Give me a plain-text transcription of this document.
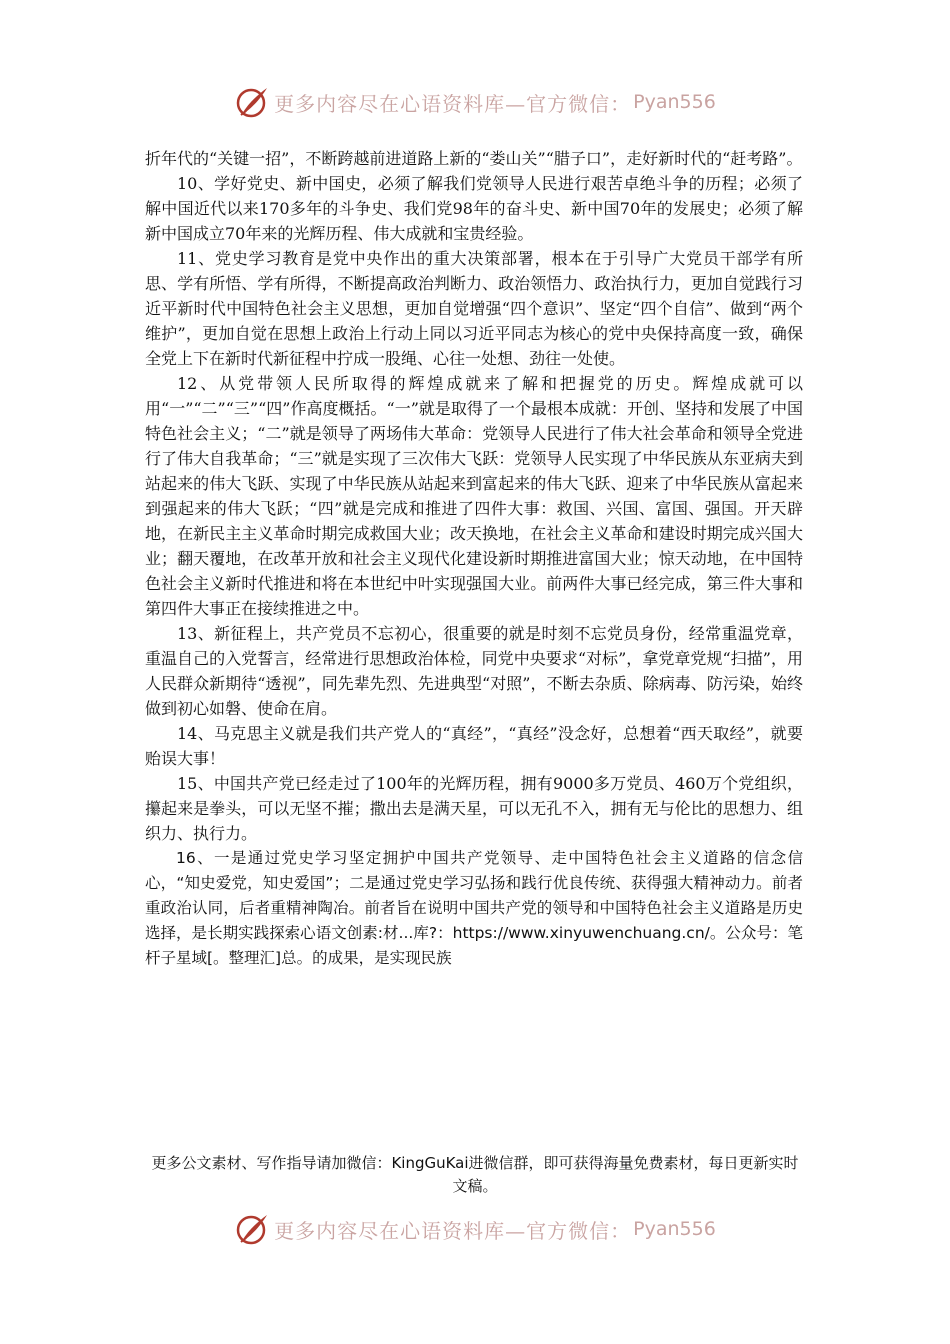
更多内容尽在心语资料库—官方微信： Pyan556

折年代的“关键一招”，不断跨越前进道路上新的“娄山关”“腊子口”，走好新时代的“赶考路”。

10、学好党史、新中国史，必须了解我们党领导人民进行艰苦卓绝斗争的历程；必须了解中国近代以来170多年的斗争史、我们党98年的奋斗史、新中国70年的发展史；必须了解新中国成立70年来的光辉历程、伟大成就和宝贵经验。

11、党史学习教育是党中央作出的重大决策部署，根本在于引导广大党员干部学有所思、学有所悟、学有所得，不断提高政治判断力、政治领悟力、政治执行力，更加自觉践行习近平新时代中国特色社会主义思想，更加自觉增强“四个意识”、坚定“四个自信”、做到“两个维护”，更加自觉在思想上政治上行动上同以习近平同志为核心的党中央保持高度一致，确保全党上下在新时代新征程中拧成一股绳、心往一处想、劲往一处使。

12、从党带领人民所取得的辉煌成就来了解和把握党的历史。辉煌成就可以用“一”“二”“三”“四”作高度概括。“一”就是取得了一个最根本成就：开创、坚持和发展了中国特色社会主义；“二”就是领导了两场伟大革命：党领导人民进行了伟大社会革命和领导全党进行了伟大自我革命；“三”就是实现了三次伟大飞跃：党领导人民实现了中华民族从东亚病夫到站起来的伟大飞跃、实现了中华民族从站起来到富起来的伟大飞跃、迎来了中华民族从富起来到强起来的伟大飞跃；“四”就是完成和推进了四件大事：救国、兴国、富国、强国。开天辟地，在新民主主义革命时期完成救国大业；改天换地，在社会主义革命和建设时期完成兴国大业；翻天覆地，在改革开放和社会主义现代化建设新时期推进富国大业；惊天动地，在中国特色社会主义新时代推进和将在本世纪中叶实现强国大业。前两件大事已经完成，第三件大事和第四件大事正在接续推进之中。

13、新征程上，共产党员不忘初心，很重要的就是时刻不忘党员身份，经常重温党章，重温自己的入党誓言，经常进行思想政治体检，同党中央要求“对标”，拿党章党规“扫描”，用人民群众新期待“透视”，同先辈先烈、先进典型“对照”，不断去杂质、除病毒、防污染，始终做到初心如磐、使命在肩。

14、马克思主义就是我们共产党人的“真经”，“真经”没念好，总想着“西天取经”，就要贻误大事！

15、中国共产党已经走过了100年的光辉历程，拥有9000多万党员、460万个党组织，攥起来是拳头，可以无坚不摧；撒出去是满天星，可以无孔不入，拥有无与伦比的思想力、组织力、执行力。

16、一是通过党史学习坚定拥护中国共产党领导、走中国特色社会主义道路的信念信心，“知史爱党，知史爱国”；二是通过党史学习弘扬和践行优良传统、获得强大精神动力。前者重政治认同，后者重精神陶冶。前者旨在说明中国共产党的领导和中国特色社会主义道路是历史选择，是长期实践探索心语文创素:材...库?：https://www.xinyuwenchuang.cn/。公众号：笔杆子星域[。整理汇]总。的成果，是实现民族

更多公文素材、写作指导请加微信：KingGuKai进微信群，即可获得海量免费素材，每日更新实时文稿。
更多内容尽在心语资料库—官方微信： Pyan556
